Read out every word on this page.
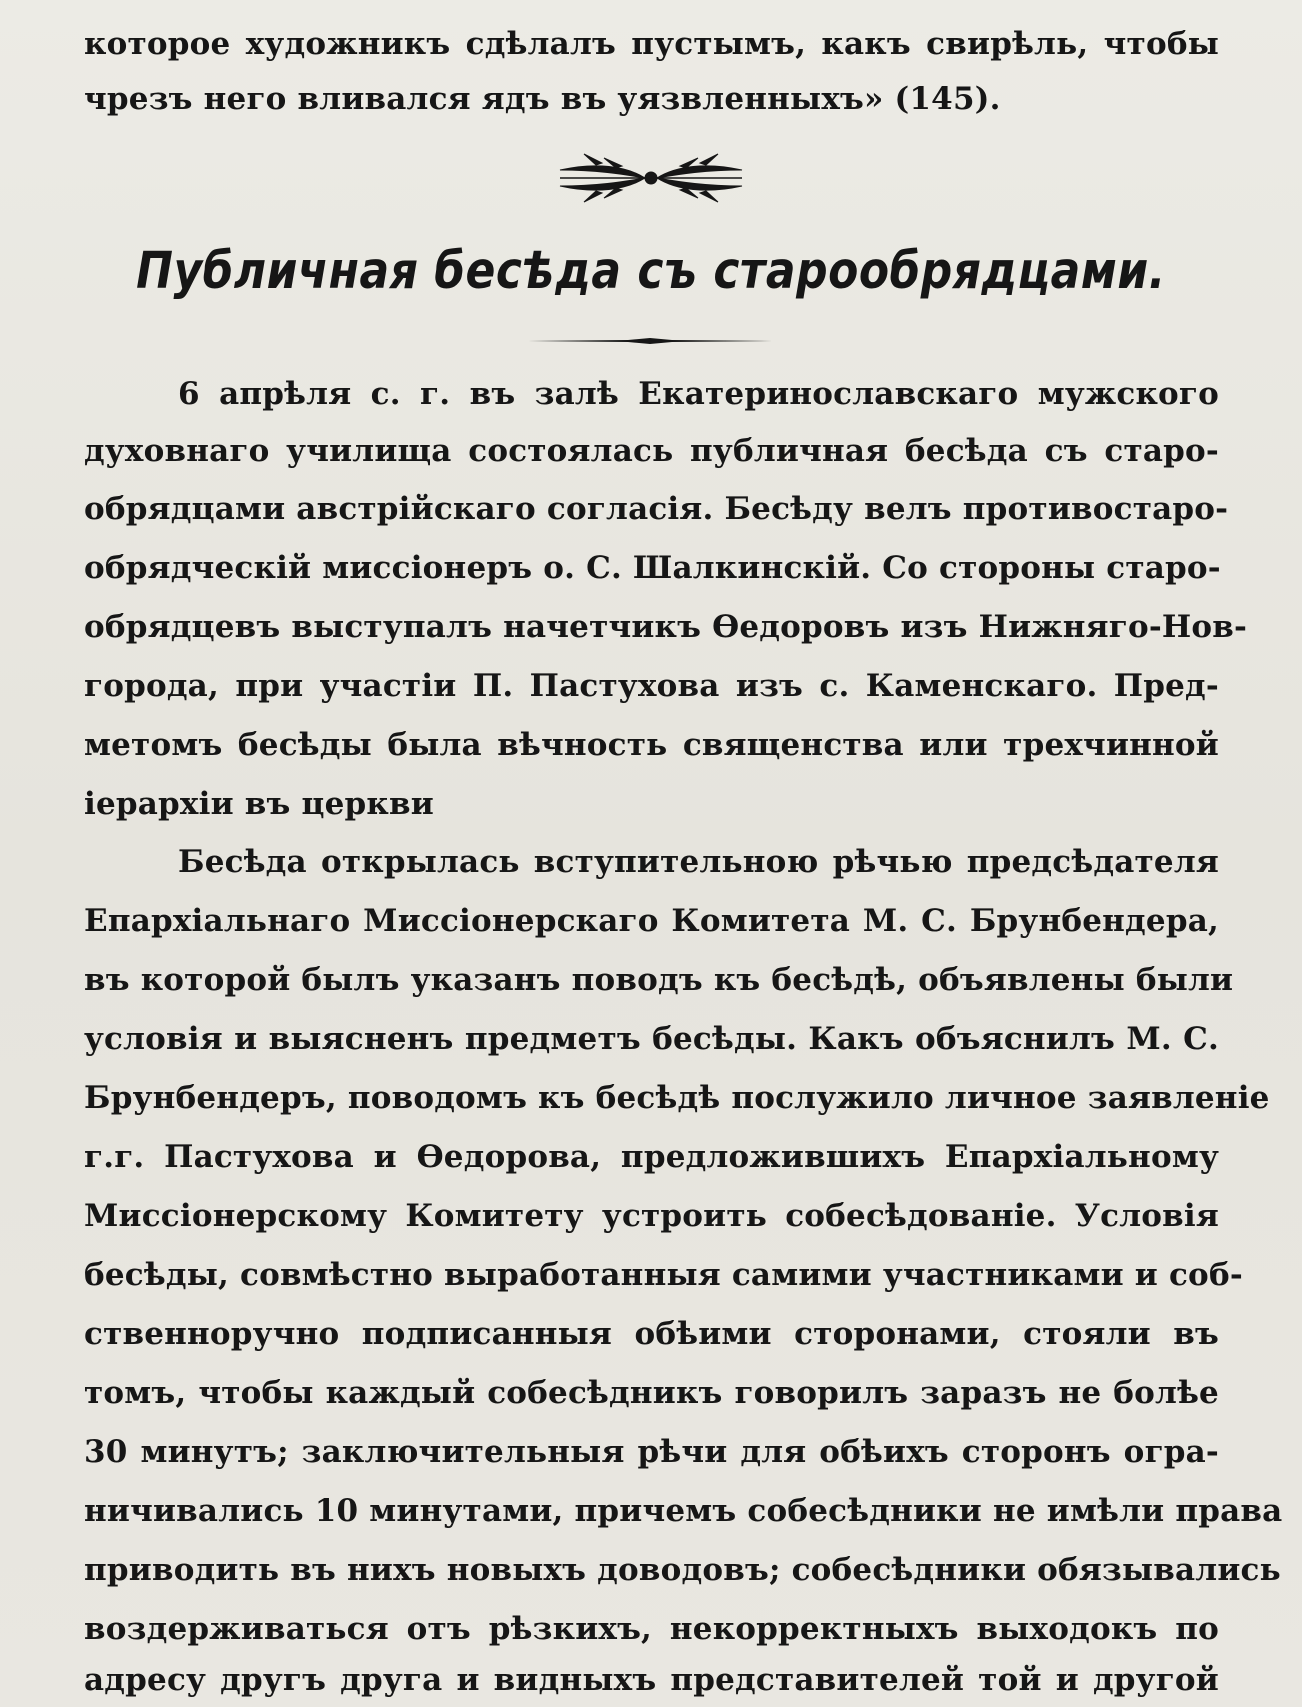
которое художникъ сдѣлалъ пустымъ, какъ свирѣль, чтобы
чрезъ него вливался ядъ въ уязвленныхъ» (145).
Публичная бесѣда съ старообрядцами.
6 апрѣля с. г. въ залѣ Екатеринославскаго мужского
духовнаго училища состоялась публичная бесѣда съ старо-
обрядцами австрійскаго согласія. Бесѣду велъ противостаро-
обрядческій миссіонеръ о. С. Шалкинскій. Со стороны старо-
обрядцевъ выступалъ начетчикъ Ѳедоровъ изъ Нижняго-Нов-
города, при участіи П. Пастухова изъ с. Каменскаго. Пред-
метомъ бесѣды была вѣчность священства или трехчинной
іерархіи въ церкви
Бесѣда открылась вступительною рѣчью предсѣдателя
Епархіальнаго Миссіонерскаго Комитета М. С. Брунбендера,
въ которой былъ указанъ поводъ къ бесѣдѣ, объявлены были
условія и выясненъ предметъ бесѣды. Какъ объяснилъ М. С.
Брунбендеръ, поводомъ къ бесѣдѣ послужило личное заявленіе
г.г. Пастухова и Ѳедорова, предложившихъ Епархіальному
Миссіонерскому Комитету устроить собесѣдованіе. Условія
бесѣды, совмѣстно выработанныя самими участниками и соб-
ственноручно подписанныя обѣими сторонами, стояли въ
томъ, чтобы каждый собесѣдникъ говорилъ заразъ не болѣе
30 минутъ; заключительныя рѣчи для обѣихъ сторонъ огра-
ничивались 10 минутами, причемъ собесѣдники не имѣли права
приводить въ нихъ новыхъ доводовъ; собесѣдники обязывались
воздерживаться отъ рѣзкихъ, некорректныхъ выходокъ по
адресу другъ друга и видныхъ представителей той и другой
